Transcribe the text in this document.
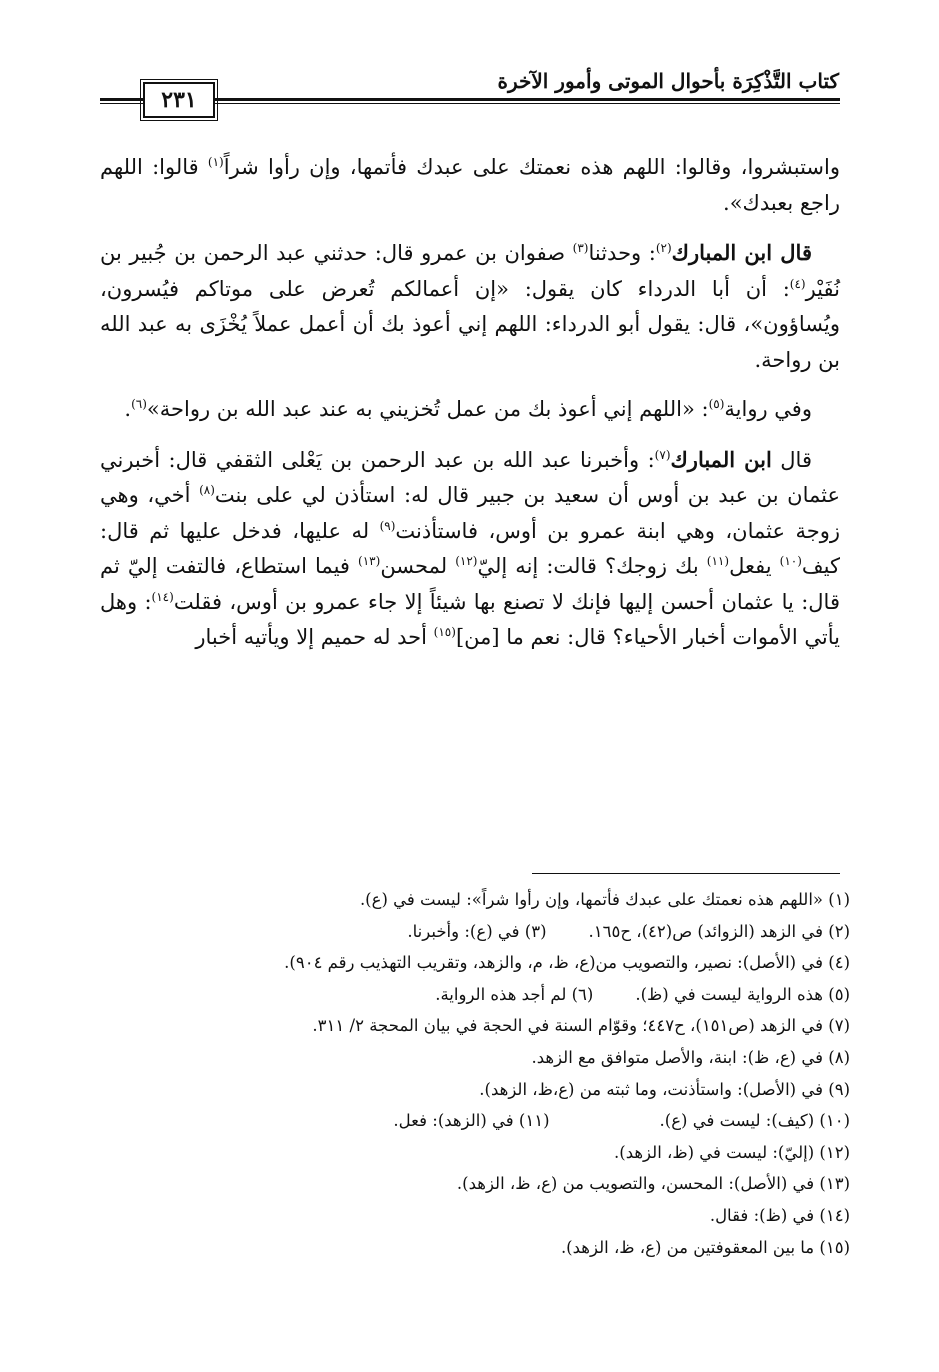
كتاب التَّذْكِرَة بأحوال الموتى وأمور الآخرة
٢٣١

واستبشروا، وقالوا: اللهم هذه نعمتك على عبدك فأتمها، وإن رأوا شراً$^{(١)}$ قالوا: اللهم راجع بعبدك».

قال ابن المبارك$^{(٢)}$: وحدثنا$^{(٣)}$ صفوان بن عمرو قال: حدثني عبد الرحمن بن جُبير بن نُفَيْر$^{(٤)}$: أن أبا الدرداء كان يقول: «إن أعمالكم تُعرض على موتاكم فيُسرون، ويُساؤون»، قال: يقول أبو الدرداء: اللهم إني أعوذ بك أن أعمل عملاً يُخْزَى به عبد الله بن رواحة.

وفي رواية$^{(٥)}$: «اللهم إني أعوذ بك من عمل تُخزيني به عند عبد الله بن رواحة»$^{(٦)}$.

قال ابن المبارك$^{(٧)}$: وأخبرنا عبد الله بن عبد الرحمن بن يَعْلى الثقفي قال: أخبرني عثمان بن عبد بن أوس أن سعيد بن جبير قال له: استأذن لي على بنت$^{(٨)}$ أخي، وهي زوجة عثمان، وهي ابنة عمرو بن أوس، فاستأذنت$^{(٩)}$ له عليها، فدخل عليها ثم قال: كيف$^{(١٠)}$ يفعل$^{(١١)}$ بك زوجك؟ قالت: إنه إليّ$^{(١٢)}$ لمحسن$^{(١٣)}$ فيما استطاع، فالتفت إليّ ثم قال: يا عثمان أحسن إليها فإنك لا تصنع بها شيئاً إلا جاء عمرو بن أوس، فقلت$^{(١٤)}$: وهل يأتي الأموات أخبار الأحياء؟ قال: نعم ما [من]$^{(١٥)}$ أحد له حميم إلا ويأتيه أخبار

(١) «اللهم هذه نعمتك على عبدك فأتمها، وإن رأوا شراً»: ليست في (ع).
(٢) في الزهد (الزوائد) ص(٤٢)، ح١٦٥.(٣) في (ع): وأخبرنا.
(٤) في (الأصل): نصير، والتصويب من(ع، ظ، م، والزهد، وتقريب التهذيب رقم ٩٠٤).
(٥) هذه الرواية ليست في (ظ).(٦) لم أجد هذه الرواية.
(٧) في الزهد (ص١٥١)، ح٤٤٧؛ وقوّام السنة في الحجة في بيان المحجة ٢/ ٣١١.
(٨) في (ع، ظ): ابنة، والأصل متوافق مع الزهد.
(٩) في (الأصل): واستأذنت، وما ثبته من (ع،ظ، الزهد).
(١٠) (كيف): ليست في (ع).(١١) في (الزهد): فعل.
(١٢) (إليّ): ليست في (ظ، الزهد).
(١٣) في (الأصل): المحسن، والتصويب من (ع، ظ، الزهد).
(١٤) في (ظ): فقال.
(١٥) ما بين المعقوفتين من (ع، ظ، الزهد).
